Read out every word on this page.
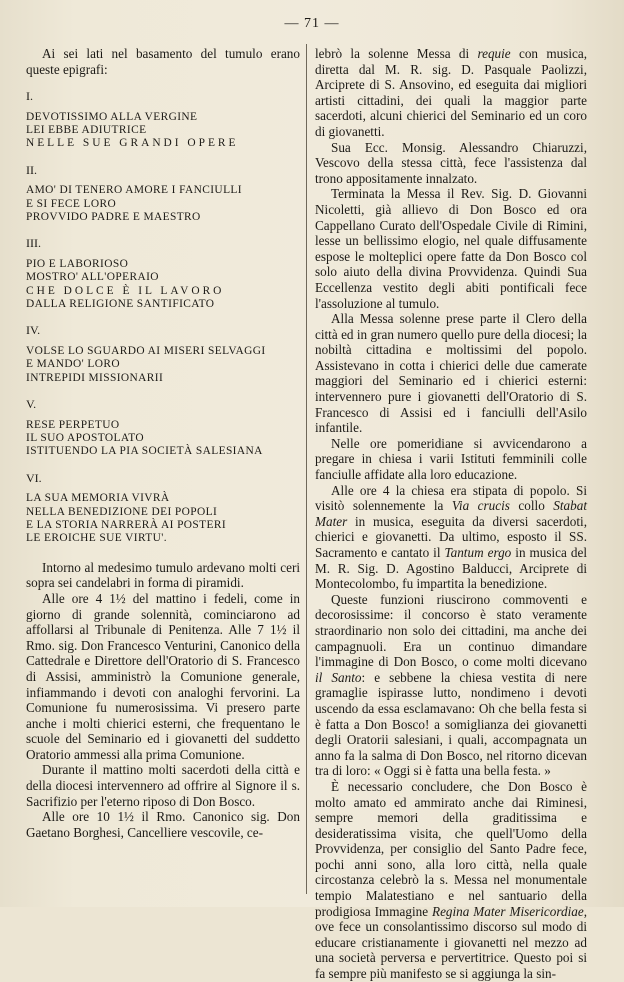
— 71 —

Ai sei lati nel basamento del tumulo erano queste epigrafi:

I.

DEVOTISSIMO ALLA VERGINE

LEI EBBE ADIUTRICE

NELLE SUE GRANDI OPERE

II.

AMO' DI TENERO AMORE I FANCIULLI

E SI FECE LORO

PROVVIDO PADRE E MAESTRO

III.

PIO E LABORIOSO

MOSTRO' ALL'OPERAIO

CHE DOLCE È IL LAVORO

DALLA RELIGIONE SANTIFICATO

IV.

VOLSE LO SGUARDO AI MISERI SELVAGGI

E MANDO' LORO

INTREPIDI MISSIONARII

V.

RESE PERPETUO

IL SUO APOSTOLATO

ISTITUENDO LA PIA SOCIETÀ SALESIANA

VI.

LA SUA MEMORIA VIVRÀ

NELLA BENEDIZIONE DEI POPOLI

E LA STORIA NARRERÀ AI POSTERI

LE EROICHE SUE VIRTU'.

Intorno al medesimo tumulo ardevano molti ceri sopra sei candelabri in forma di piramidi.

Alle ore 4 1½ del mattino i fedeli, come in giorno di grande solennità, cominciarono ad affollarsi al Tribunale di Penitenza. Alle 7 1½ il Rmo. sig. Don Francesco Venturini, Canonico della Cattedrale e Direttore dell'Oratorio di S. Francesco di Assisi, amministrò la Comunione generale, infiammando i devoti con analoghi fervorini. La Comunione fu numerosissima. Vi presero parte anche i molti chierici esterni, che frequentano le scuole del Seminario ed i giovanetti del suddetto Oratorio ammessi alla prima Comunione.

Durante il mattino molti sacerdoti della città e della diocesi intervennero ad offrire al Signore il s. Sacrifizio per l'eterno riposo di Don Bosco.

Alle ore 10 1½ il Rmo. Canonico sig. Don Gaetano Borghesi, Cancelliere vescovile, ce-

lebrò la solenne Messa di requie con musica, diretta dal M. R. sig. D. Pasquale Paolizzi, Arciprete di S. Ansovino, ed eseguita dai migliori artisti cittadini, dei quali la maggior parte sacerdoti, alcuni chierici del Seminario ed un coro di giovanetti.

Sua Ecc. Monsig. Alessandro Chiaruzzi, Vescovo della stessa città, fece l'assistenza dal trono appositamente innalzato.

Terminata la Messa il Rev. Sig. D. Giovanni Nicoletti, già allievo di Don Bosco ed ora Cappellano Curato dell'Ospedale Civile di Rimini, lesse un bellissimo elogio, nel quale diffusamente espose le molteplici opere fatte da Don Bosco col solo aiuto della divina Provvidenza. Quindi Sua Eccellenza vestito degli abiti pontificali fece l'assoluzione al tumulo.

Alla Messa solenne prese parte il Clero della città ed in gran numero quello pure della diocesi; la nobiltà cittadina e moltissimi del popolo. Assistevano in cotta i chierici delle due camerate maggiori del Seminario ed i chierici esterni: intervennero pure i giovanetti dell'Oratorio di S. Francesco di Assisi ed i fanciulli dell'Asilo infantile.

Nelle ore pomeridiane si avvicendarono a pregare in chiesa i varii Istituti femminili colle fanciulle affidate alla loro educazione.

Alle ore 4 la chiesa era stipata di popolo. Si visitò solennemente la Via crucis collo Stabat Mater in musica, eseguita da diversi sacerdoti, chierici e giovanetti. Da ultimo, esposto il SS. Sacramento e cantato il Tantum ergo in musica del M. R. Sig. D. Agostino Balducci, Arciprete di Montecolombo, fu impartita la benedizione.

Queste funzioni riuscirono commoventi e decorosissime: il concorso è stato veramente straordinario non solo dei cittadini, ma anche dei campagnuoli. Era un continuo dimandare l'immagine di Don Bosco, o come molti dicevano il Santo: e sebbene la chiesa vestita di nere gramaglie ispirasse lutto, nondimeno i devoti uscendo da essa esclamavano: Oh che bella festa si è fatta a Don Bosco! a somiglianza dei giovanetti degli Oratorii salesiani, i quali, accompagnata un anno fa la salma di Don Bosco, nel ritorno dicevan tra di loro: « Oggi si è fatta una bella festa. »

È necessario concludere, che Don Bosco è molto amato ed ammirato anche dai Riminesi, sempre memori della graditissima e desideratissima visita, che quell'Uomo della Provvidenza, per consiglio del Santo Padre fece, pochi anni sono, alla loro città, nella quale circostanza celebrò la s. Messa nel monumentale tempio Malatestiano e nel santuario della prodigiosa Immagine Regina Mater Misericordiae, ove fece un consolantissimo discorso sul modo di educare cristianamente i giovanetti nel mezzo ad una società perversa e pervertitrice. Questo poi si fa sempre più manifesto se si aggiunga la sin-
